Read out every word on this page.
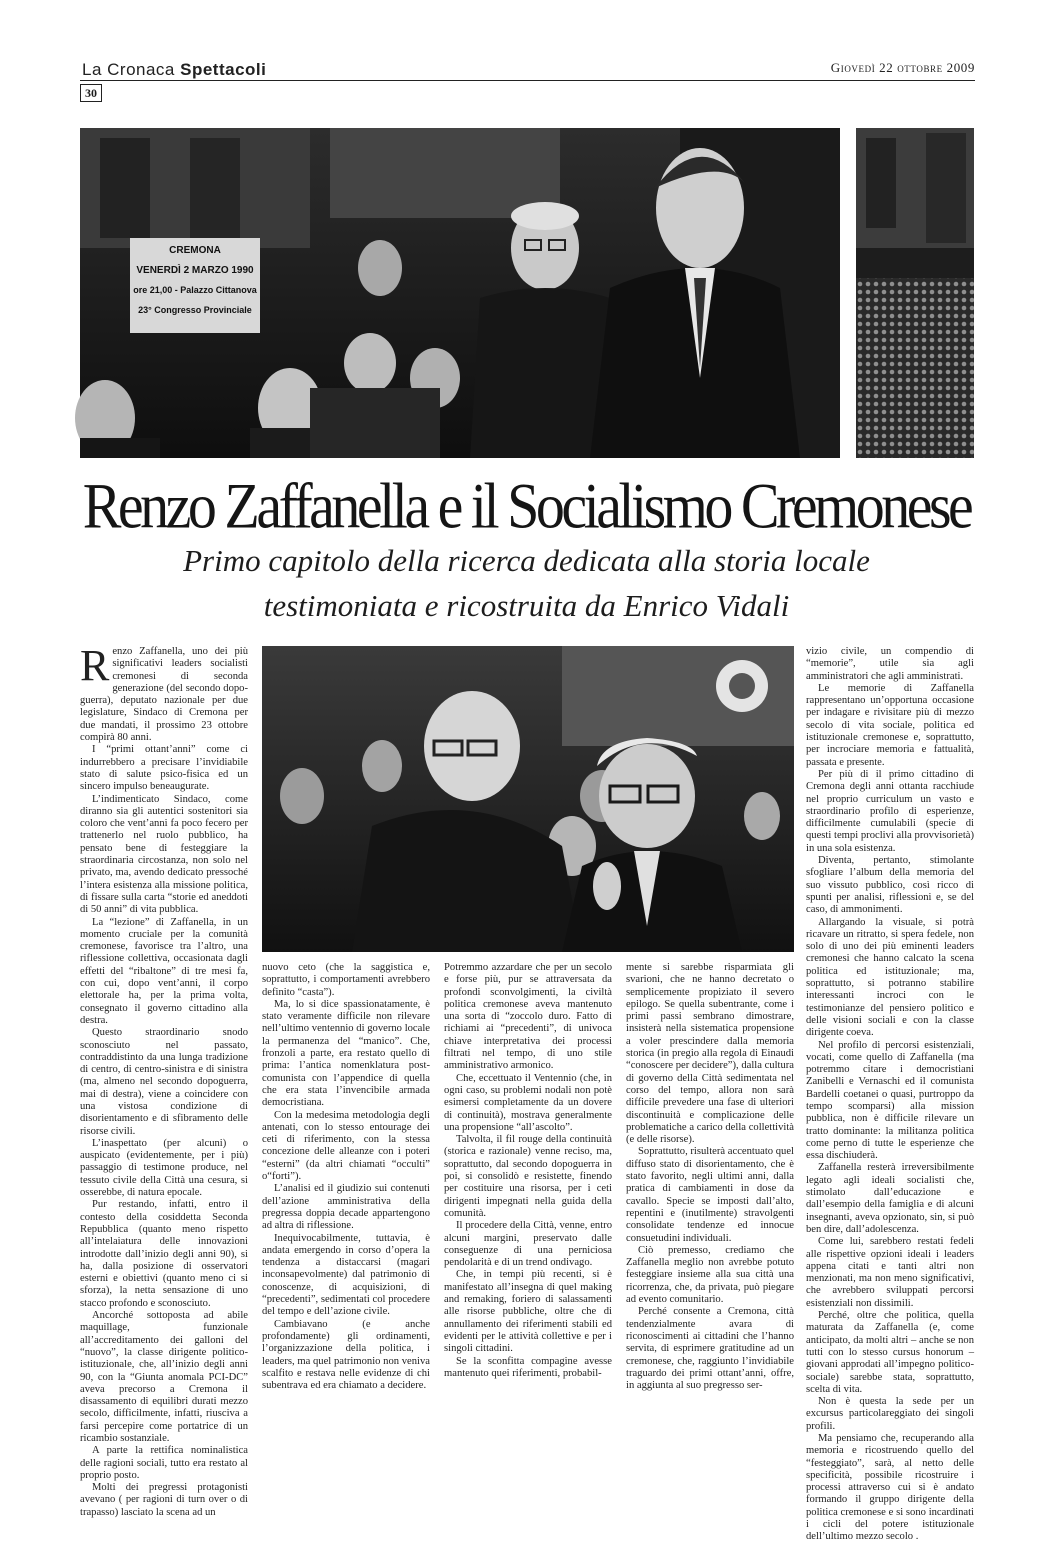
La Cronaca Spettacoli	Giovedì 22 ottobre 2009
30
CREMONA
VENERDÌ 2 MARZO 1990
ore 21,00 - Palazzo Cittanova
23° Congresso Provinciale
Renzo Zaffanella e il Socialismo Cremonese
Primo capitolo della ricerca dedicata alla storia locale
testimoniata e ricostruita da Enrico Vidali

Renzo Zaffanella, uno dei più significativi leaders socialisti cremonesi di seconda generazione (del secondo dopo-guerra), deputato nazionale per due legislature, Sindaco di Cremona per due mandati, il prossimo 23 ottobre compirà 80 anni.

I “primi ottant’anni” come ci indurrebbero a precisare l’invidiabile stato di salute psico-fisica ed un sincero impulso beneaugurate.

L’indimenticato Sindaco, come diranno sia gli autentici sostenitori sia coloro che vent’anni fa poco fecero per trattenerlo nel ruolo pubblico, ha pensato bene di festeggiare la straordinaria circostanza, non solo nel privato, ma, avendo dedicato pressoché l’intera esistenza alla missione politica, di fissare sulla carta “storie ed aneddoti di 50 anni” di vita pubblica.

La “lezione” di Zaffanella, in un momento cruciale per la comunità cremonese, favorisce tra l’altro, una riflessione collettiva, occasionata dagli effetti del “ribaltone” di tre mesi fa, con cui, dopo vent’anni, il corpo elettorale ha, per la prima volta, consegnato il governo cittadino alla destra.

Questo straordinario snodo sconosciuto nel passato, contraddistinto da una lunga tradizione di centro, di centro-sinistra e di sinistra (ma, almeno nel secondo dopoguerra, mai di destra), viene a coincidere con una vistosa condizione di disorientamento e di sfibramento delle risorse civili.

L’inaspettato (per alcuni) o auspicato (evidentemente, per i più) passaggio di testimone produce, nel tessuto civile della Città una cesura, si osserebbe, di natura epocale.

Pur restando, infatti, entro il contesto della cosiddetta Seconda Repubblica (quanto meno rispetto all’intelaiatura delle innovazioni introdotte dall’inizio degli anni 90), si ha, dalla posizione di osservatori esterni e obiettivi (quanto meno ci si sforza), la netta sensazione di uno stacco profondo e sconosciuto.

Ancorché sottoposta ad abile maquillage, funzionale all’accreditamento dei galloni del “nuovo”, la classe dirigente politico-istituzionale, che, all’inizio degli anni 90, con la “Giunta anomala PCI-DC” aveva precorso a Cremona il disassamento di equilibri durati mezzo secolo, difficilmente, infatti, riusciva a farsi percepire come portatrice di un ricambio sostanziale.

A parte la rettifica nominalistica delle ragioni sociali, tutto era restato al proprio posto.

Molti dei pregressi protagonisti avevano ( per ragioni di turn over o di trapasso) lasciato la scena ad un

nuovo ceto (che la saggistica e, soprattutto, i comportamenti avrebbero definito “casta”).

Ma, lo si dice spassionatamente, è stato veramente difficile non rilevare nell’ultimo ventennio di governo locale la permanenza del “manico”. Che, fronzoli a parte, era restato quello di prima: l’antica nomenklatura post-comunista con l’appendice di quella che era stata l’invencibile armada democristiana.

Con la medesima metodologia degli antenati, con lo stesso entourage dei ceti di riferimento, con la stessa concezione delle alleanze con i poteri “esterni” (da altri chiamati “occulti” o“forti”).

L’analisi ed il giudizio sui contenuti dell’azione amministrativa della pregressa doppia decade appartengono ad altra di riflessione.

Inequivocabilmente, tuttavia, è andata emergendo in corso d’opera la tendenza a distaccarsi (magari inconsapevolmente) dal patrimonio di conoscenze, di acquisizioni, di “precedenti”, sedimentati col procedere del tempo e dell’azione civile.

Cambiavano (e anche profondamente) gli ordinamenti, l’organizzazione della politica, i leaders, ma quel patrimonio non veniva scalfito e restava nelle evidenze di chi subentrava ed era chiamato a decidere.

Potremmo azzardare che per un secolo e forse più, pur se attraversata da profondi sconvolgimenti, la civiltà politica cremonese aveva mantenuto una sorta di “zoccolo duro. Fatto di richiami ai “precedenti”, di univoca chiave interpretativa dei processi filtrati nel tempo, di uno stile amministrativo armonico.

Che, eccettuato il Ventennio (che, in ogni caso, su problemi nodali non potè esimersi completamente da un dovere di continuità), mostrava generalmente una propensione “all’ascolto”.

Talvolta, il fil rouge della continuità (storica e razionale) venne reciso, ma, soprattutto, dal secondo dopoguerra in poi, si consolidò e resistette, finendo per costituire una risorsa, per i ceti dirigenti impegnati nella guida della comunità.

Il procedere della Città, venne, entro alcuni margini, preservato dalle conseguenze di una perniciosa pendolarità e di un trend ondivago.

Che, in tempi più recenti, si è manifestato all’insegna di quel making and remaking, foriero di salassamenti alle risorse pubbliche, oltre che di annullamento dei riferimenti stabili ed evidenti per le attività collettive e per i singoli cittadini.

Se la sconfitta compagine avesse mantenuto quei riferimenti, probabil-

mente si sarebbe risparmiata gli svarioni, che ne hanno decretato o semplicemente propiziato il severo epilogo. Se quella subentrante, come i primi passi sembrano dimostrare, insisterà nella sistematica propensione a voler prescindere dalla memoria storica (in pregio alla regola di Einaudi “conoscere per decidere”), dalla cultura di governo della Città sedimentata nel corso del tempo, allora non sarà difficile prevedere una fase di ulteriori discontinuità e complicazione delle problematiche a carico della collettività (e delle risorse).

Soprattutto, risulterà accentuato quel diffuso stato di disorientamento, che è stato favorito, negli ultimi anni, dalla pratica di cambiamenti in dose da cavallo. Specie se imposti dall’alto, repentini e (inutilmente) stravolgenti consolidate tendenze ed innocue consuetudini individuali.

Ciò premesso, crediamo che Zaffanella meglio non avrebbe potuto festeggiare insieme alla sua città una ricorrenza, che, da privata, può piegare ad evento comunitario.

Perché consente a Cremona, città tendenzialmente avara di riconoscimenti ai cittadini che l’hanno servita, di esprimere gratitudine ad un cremonese, che, raggiunto l’invidiabile traguardo dei primi ottant’anni, offre, in aggiunta al suo pregresso ser-

vizio civile, un compendio di “memorie”, utile sia agli amministratori che agli amministrati.

Le memorie di Zaffanella rappresentano un’opportuna occasione per indagare e rivisitare più di mezzo secolo di vita sociale, politica ed istituzionale cremonese e, soprattutto, per incrociare memoria e fattualità, passata e presente.

Per più di il primo cittadino di Cremona degli anni ottanta racchiude nel proprio curriculum un vasto e straordinario profilo di esperienze, difficilmente cumulabili (specie di questi tempi proclivi alla provvisorietà) in una sola esistenza.

Diventa, pertanto, stimolante sfogliare l’album della memoria del suo vissuto pubblico, così ricco di spunti per analisi, riflessioni e, se del caso, di ammonimenti.

Allargando la visuale, si potrà ricavare un ritratto, si spera fedele, non solo di uno dei più eminenti leaders cremonesi che hanno calcato la scena politica ed istituzionale; ma, soprattutto, si potranno stabilire interessanti incroci con le testimonianze del pensiero politico e delle visioni sociali e con la classe dirigente coeva.

Nel profilo di percorsi esistenziali, vocati, come quello di Zaffanella (ma potremmo citare i democristiani Zanibelli e Vernaschi ed il comunista Bardelli coetanei o quasi, purtroppo da tempo scomparsi) alla mission pubblica, non è difficile rilevare un tratto dominante: la militanza politica come perno di tutte le esperienze che essa dischiuderà.

Zaffanella resterà irreversibilmente legato agli ideali socialisti che, stimolato dall’educazione e dall’esempio della famiglia e di alcuni insegnanti, aveva opzionato, sin, si può ben dire, dall’adolescenza.

Come lui, sarebbero restati fedeli alle rispettive opzioni ideali i leaders appena citati e tanti altri non menzionati, ma non meno significativi, che avrebbero sviluppati percorsi esistenziali non dissimili.

Perché, oltre che politica, quella maturata da Zaffanella (e, come anticipato, da molti altri – anche se non tutti con lo stesso cursus honorum – giovani approdati all’impegno politico-sociale) sarebbe stata, soprattutto, scelta di vita.

Non è questa la sede per un excursus particolareggiato dei singoli profili.

Ma pensiamo che, recuperando alla memoria e ricostruendo quello del “festeggiato”, sarà, al netto delle specificità, possibile ricostruire i processi attraverso cui si è andato formando il gruppo dirigente della politica cremonese e si sono incardinati i cicli del potere istituzionale dell’ultimo mezzo secolo .
